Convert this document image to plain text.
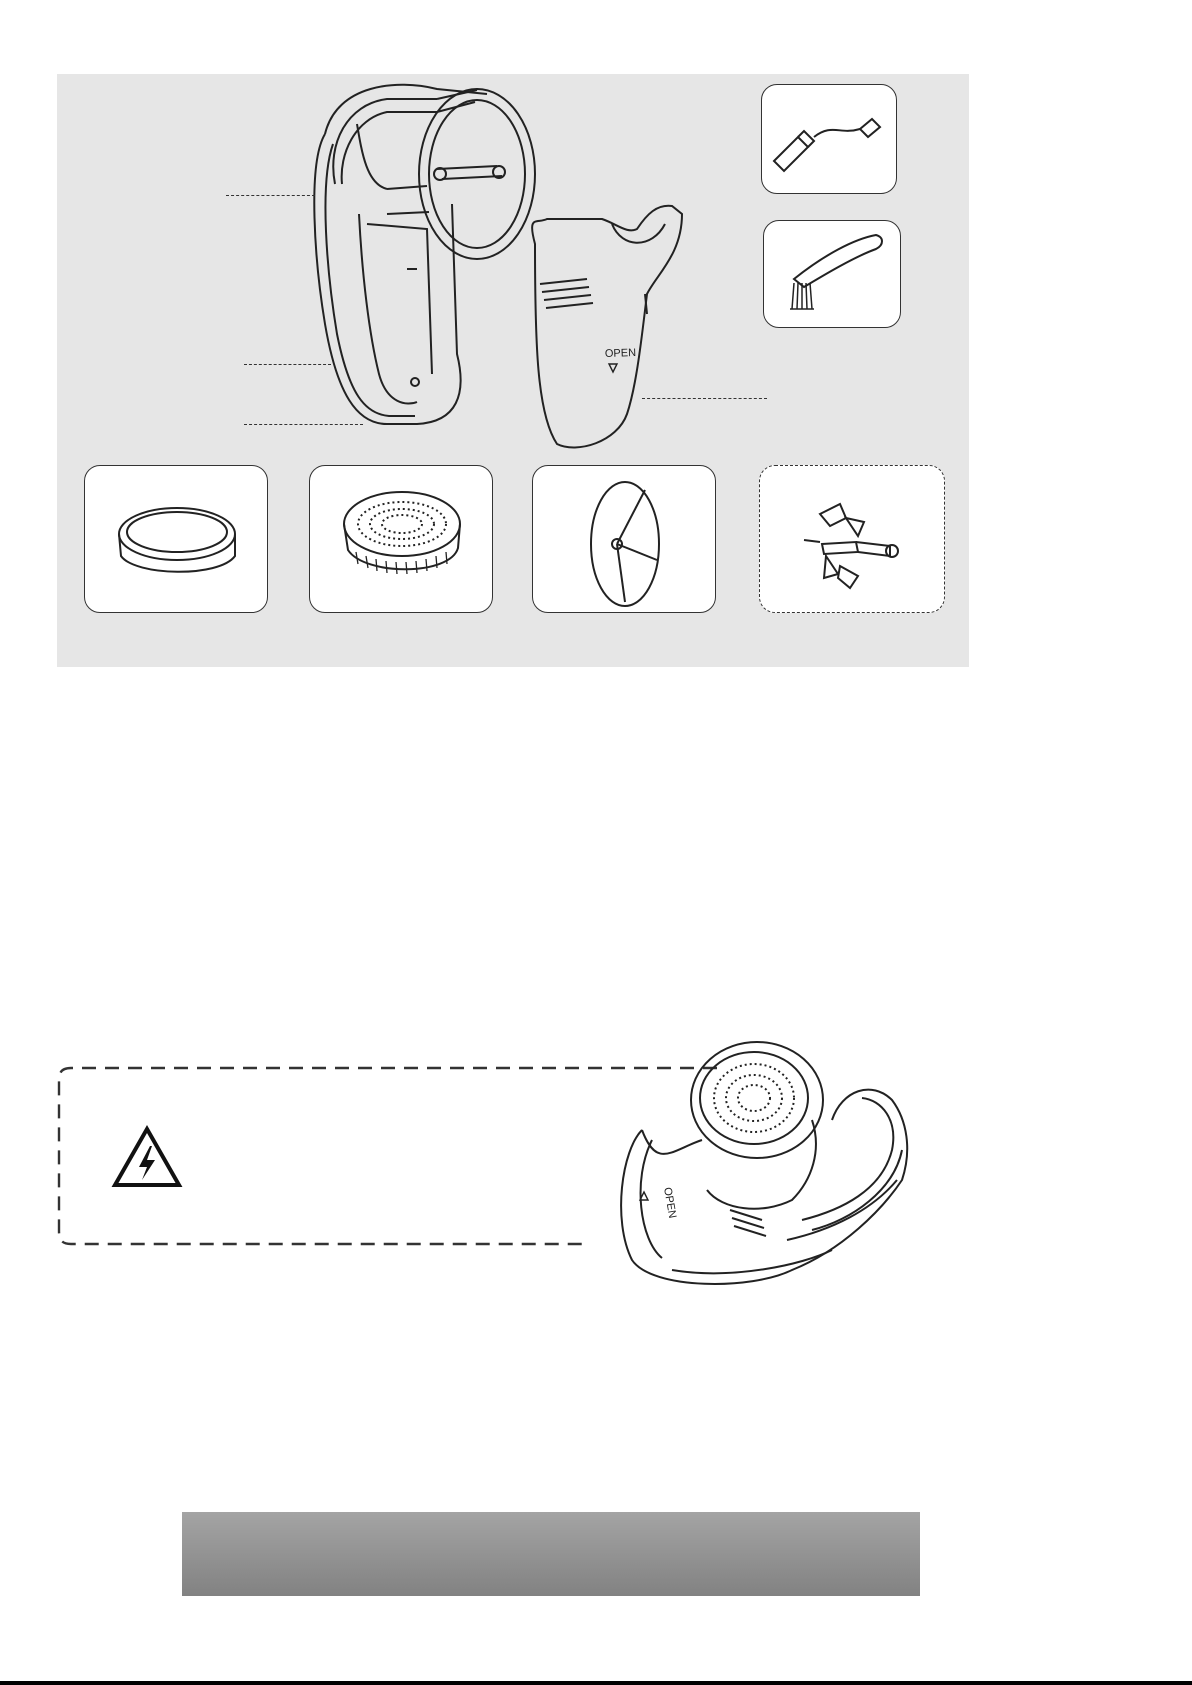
OPEN
OPEN
